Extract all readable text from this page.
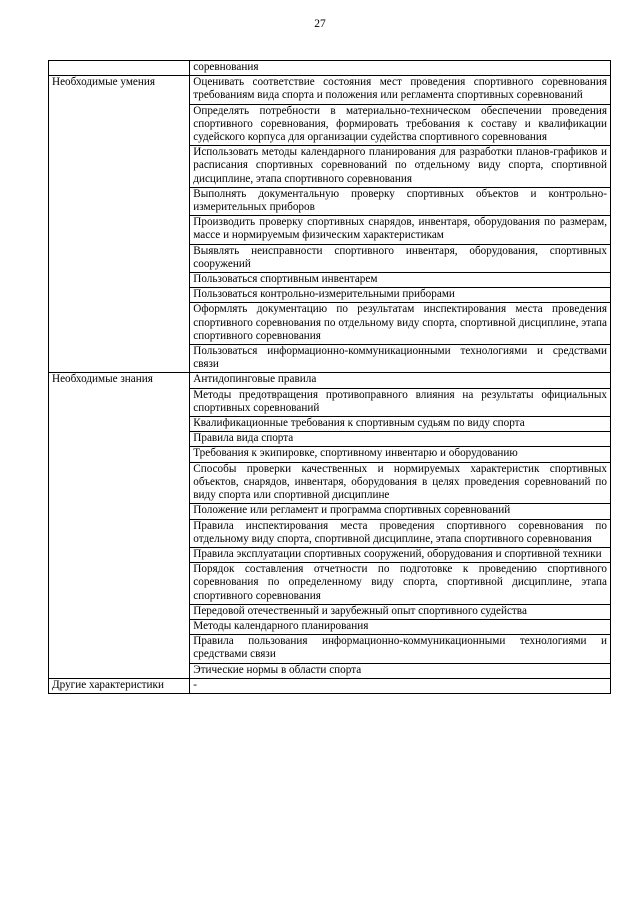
27
	соревнования
Необходимые умения	Оценивать соответствие состояния мест проведения спортивного соревнования требованиям вида спорта и положения или регламента спортивных соревнований
	Определять потребности в материально-техническом обеспечении проведения спортивного соревнования, формировать требования к составу и квалификации судейского корпуса для организации судейства спортивного соревнования
	Использовать методы календарного планирования для разработки планов-графиков и расписания спортивных соревнований по отдельному виду спорта, спортивной дисциплине, этапа спортивного соревнования
	Выполнять документальную проверку спортивных объектов и контрольно-измерительных приборов
	Производить проверку спортивных снарядов, инвентаря, оборудования по размерам, массе и нормируемым физическим характеристикам
	Выявлять неисправности спортивного инвентаря, оборудования, спортивных сооружений
	Пользоваться спортивным инвентарем
	Пользоваться контрольно-измерительными приборами
	Оформлять документацию по результатам инспектирования места проведения спортивного соревнования по отдельному виду спорта, спортивной дисциплине, этапа спортивного соревнования
	Пользоваться информационно-коммуникационными технологиями и средствами связи
Необходимые знания	Антидопинговые правила
	Методы предотвращения противоправного влияния на результаты официальных спортивных соревнований
	Квалификационные требования к спортивным судьям по виду спорта
	Правила вида спорта
	Требования к экипировке, спортивному инвентарю и оборудованию
	Способы проверки качественных и нормируемых характеристик спортивных объектов, снарядов, инвентаря, оборудования в целях проведения соревнований по виду спорта или спортивной дисциплине
	Положение или регламент и программа спортивных соревнований
	Правила инспектирования места проведения спортивного соревнования по отдельному виду спорта, спортивной дисциплине, этапа спортивного соревнования
	Правила эксплуатации спортивных сооружений, оборудования и спортивной техники
	Порядок составления отчетности по подготовке к проведению спортивного соревнования по определенному виду спорта, спортивной дисциплине, этапа спортивного соревнования
	Передовой отечественный и зарубежный опыт спортивного судейства
	Методы календарного планирования
	Правила пользования информационно-коммуникационными технологиями и средствами связи
	Этические нормы в области спорта
Другие характеристики	-
